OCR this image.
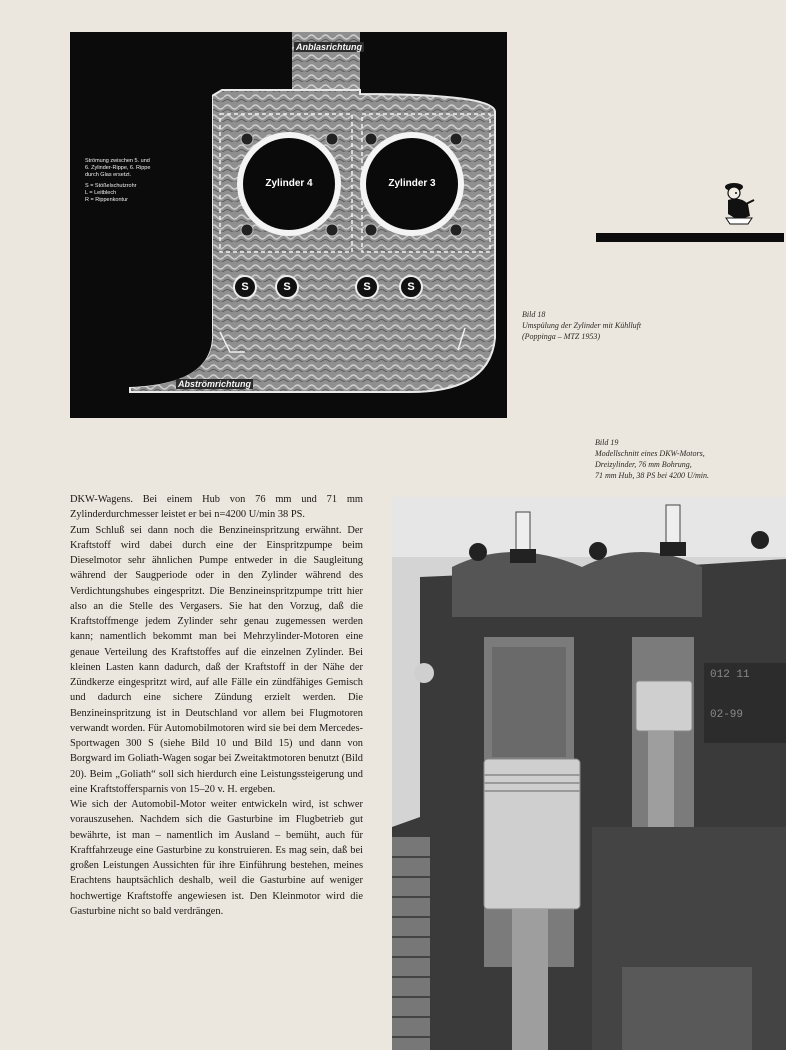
Strömung zwischen 5. und
6. Zylinder-Rippe, 6. Rippe
durch Glas ersetzt.
S = Stößelschutzrohr
L = Leitblech
R = Rippenkontur
Zylinder 4	Zylinder 3
S	S	S	S
Anblasrichtung
Abströmrichtung
Bild 18
Umspülung der Zylinder mit Kühlluft
(Poppinga – MTZ 1953)
Bild 19
Modellschnitt eines DKW-Motors,
Dreizylinder, 76 mm Bohrung,
71 mm Hub, 38 PS bei 4200 U/min.

DKW-Wagens. Bei einem Hub von 76 mm und 71 mm Zylinderdurchmesser leistet er bei n=4200 U/min 38 PS.

Zum Schluß sei dann noch die Benzineinspritzung erwähnt. Der Kraftstoff wird dabei durch eine der Einspritzpumpe beim Dieselmotor sehr ähnlichen Pumpe entweder in die Saugleitung während der Saugperiode oder in den Zylinder während des Verdichtungshubes eingespritzt. Die Benzineinspritzpumpe tritt hier also an die Stelle des Vergasers. Sie hat den Vorzug, daß die Kraftstoffmenge jedem Zylinder sehr genau zugemessen werden kann; namentlich bekommt man bei Mehrzylinder-Motoren eine genaue Verteilung des Kraftstoffes auf die einzelnen Zylinder. Bei kleinen Lasten kann dadurch, daß der Kraftstoff in der Nähe der Zündkerze eingespritzt wird, auf alle Fälle ein zündfähiges Gemisch und dadurch eine sichere Zündung erzielt werden. Die Benzineinspritzung ist in Deutschland vor allem bei Flugmotoren verwandt worden. Für Automobilmotoren wird sie bei dem Mercedes-Sportwagen 300 S (siehe Bild 10 und Bild 15) und dann von Borgward im Goliath-Wagen sogar bei Zweitaktmotoren benutzt (Bild 20). Beim „Goliath“ soll sich hierdurch eine Leistungssteigerung und eine Kraftstoffersparnis von 15–20 v. H. ergeben.

Wie sich der Automobil-Motor weiter entwickeln wird, ist schwer vorauszusehen. Nachdem sich die Gasturbine im Flugbetrieb gut bewährte, ist man – namentlich im Ausland – bemüht, auch für Kraftfahrzeuge eine Gasturbine zu konstruieren. Es mag sein, daß bei großen Leistungen Aussichten für ihre Einführung bestehen, meines Erachtens hauptsächlich deshalb, weil die Gasturbine auf weniger hochwertige Kraftstoffe angewiesen ist. Den Kleinmotor wird die Gasturbine nicht so bald verdrängen.

012 11
02-99
